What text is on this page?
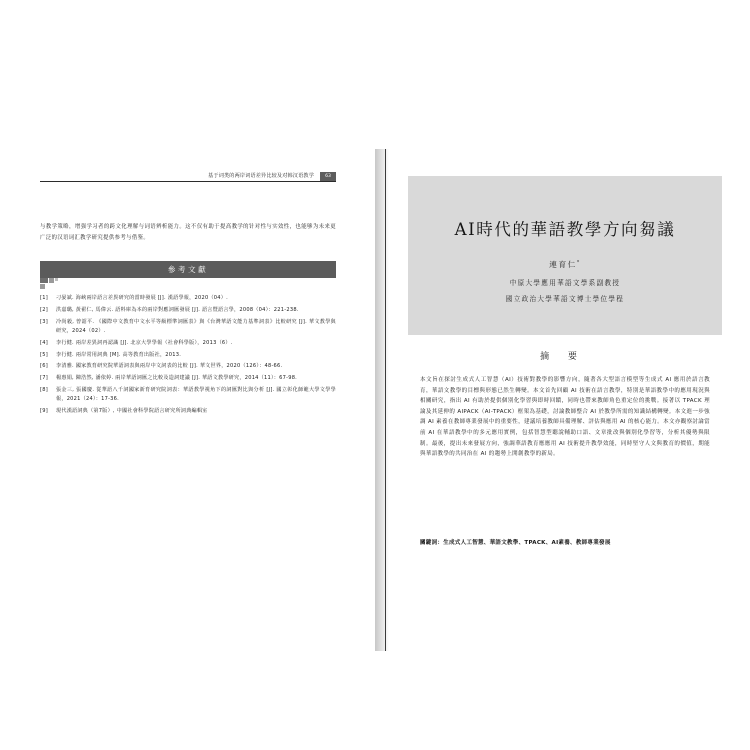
基于词类的两岸词语差异比较及对韩汉语教学	63
与教学策略，增强学习者的跨文化理解与词语辨析能力。这不仅有助于提高教学的针对性与实效性，也能够为未来更广泛的汉语词汇教学研究提供参考与借鉴。
參考文獻
[1]	刁晏斌. 海峽兩岸語言差異研究的當時發展 [J]. 漢語學報，2020（04）.
[2]	洪嘉璐, 黃翟仁, 馬偉云. 語料庫為本的兩岸對應詞匯發展 [J]. 語言暨語言學，2008（04）：221-238.
[3]	冷尚毅, 曾韶平. 《國際中文教育中文水平等級標準詞匯表》與《台灣華語文能力基準詞表》比較研究 [J]. 華文教學與研究，2024（02）.
[4]	李行健. 兩岸差異詞再認識 [J]. 北京大學學報（社會科學版），2013（6）.
[5]	李行健. 兩岸常用詞典 [M]. 高等教育出版社，2013.
[6]	李清雅. 國家教育研究院華語詞表與兩岸中文詞表的比較 [J]. 華文世界，2020（126）：48-66.
[7]	楊惠娟, 陳浩然, 潘依婷. 兩岸華語詞匯之比較及造詞建議 [J]. 華語文教學研究，2014（11）：67-98.
[8]	張金三, 張國慶. 從華語八千詞國家新育研究院詞表：華語教學視角下的詞匯對比與分析 [J]. 國立彰化師範大學文學學報，2021（24）：17-36.
[9]	現代漢語詞典（第7版）, 中國社會科學院語言研究所詞典編輯室
AI時代的華語教學方向芻議
連育仁*
中原大學應用華語文學系副教授
國立政治大學華語文博士學位學程
摘 要
本文旨在探討生成式人工智慧（AI）技術對教學的影響方向，隨著各大型語言模型等生成式 AI 應用於語言教育，華語文教學的目標與形態已然生轉變。本文首先回顧 AI 技術在語言教學，特別是華語教學中的應用現況與相關研究，指出 AI 有助於提供個別化學習與即時回饋，同時也帶來教師角色重定位的挑戰。接著以 TPACK 理論及其延伸的 AIPACK（AI-TPACK）框架為基礎，討論教師整合 AI 於教學所需的知識結構轉變。本文進一步強調 AI 素養在教師專業發展中的重要性，建議培養教師具備理解、評估與應用 AI 的核心能力。本文亦觀察討論當前 AI 在華語教學中的多元應用實例，包括智慧型聽說輔助口語、文章批改與個別化學習等，分析其優勢與限制。最後，提出未來發展方向，強調華語教育應應用 AI 技術提升教學效能，同時堅守人文與教育的價值，期能與華語教學的共同治在 AI 的趨勢上開創教學的新局。
關鍵詞：生成式人工智慧、華語文教學、TPACK、AI素養、教師專業發展
